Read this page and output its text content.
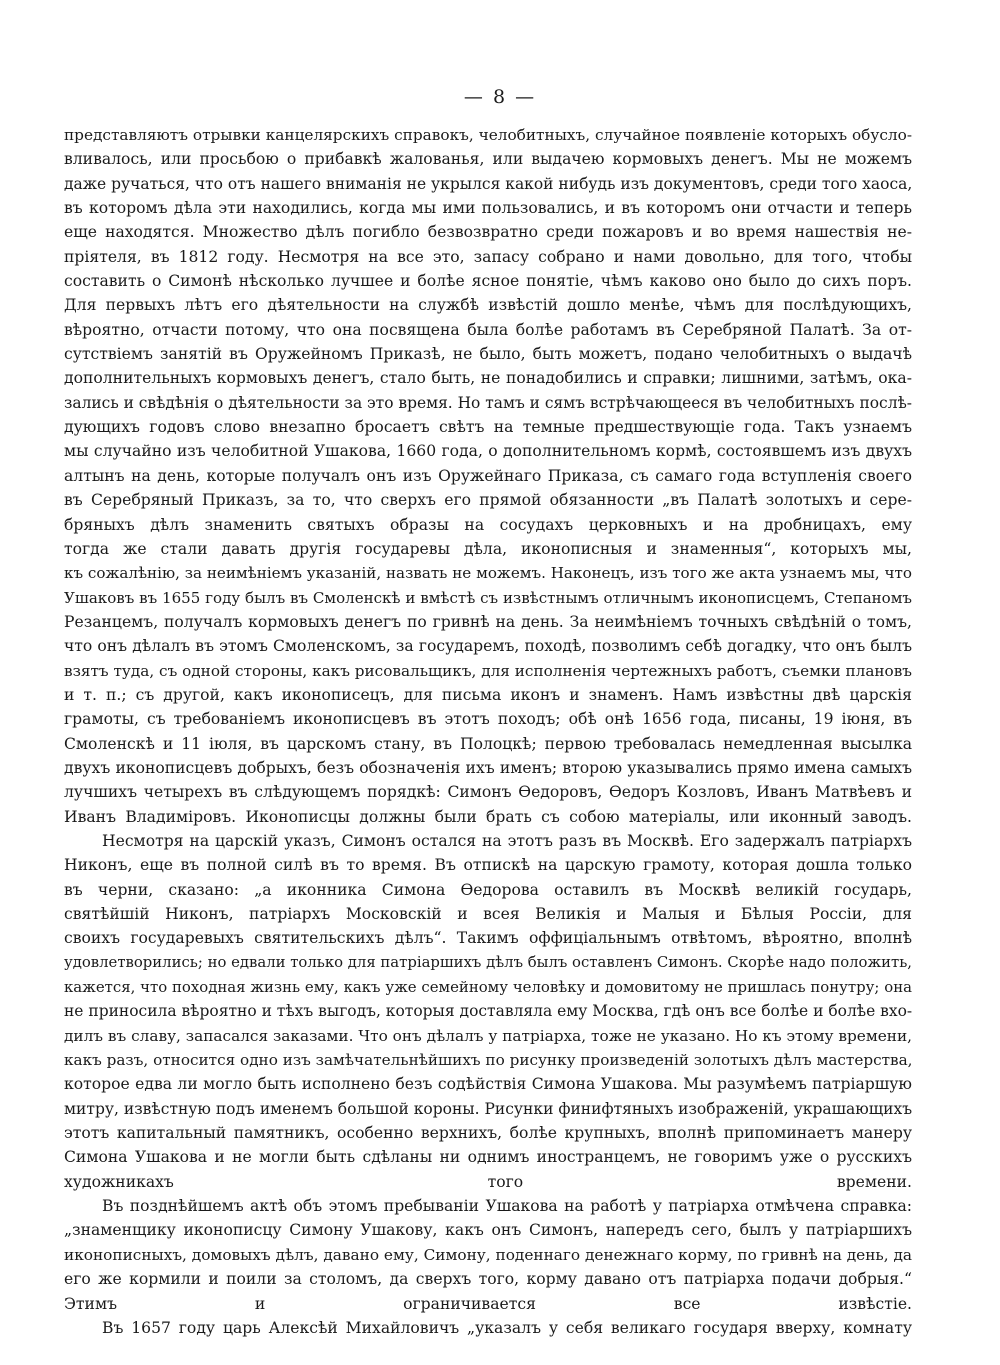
— 8 —

представляютъ отрывки канцелярскихъ справокъ, челобитныхъ, случайное появленіе которыхъ обусло-
вливалось, или просьбою о прибавкѣ жалованья, или выдачею кормовыхъ денегъ. Мы не можемъ
даже ручаться, что отъ нашего вниманія не укрылся какой нибудь изъ документовъ, среди того хаоса,
въ которомъ дѣла эти находились, когда мы ими пользовались, и въ которомъ они отчасти и теперь
еще находятся. Множество дѣлъ погибло безвозвратно среди пожаровъ и во время нашествія не-
пріятеля, въ 1812 году. Несмотря на все это, запасу собрано и нами довольно, для того, чтобы
составить о Симонѣ нѣсколько лучшее и болѣе ясное понятіе, чѣмъ каково оно было до сихъ поръ.
Для первыхъ лѣтъ его дѣятельности на службѣ извѣстій дошло менѣе, чѣмъ для послѣдующихъ,
вѣроятно, отчасти потому, что она посвящена была болѣе работамъ въ Серебряной Палатѣ. За от-
сутствіемъ занятій въ Оружейномъ Приказѣ, не было, быть можетъ, подано челобитныхъ о выдачѣ
дополнительныхъ кормовыхъ денегъ, стало быть, не понадобились и справки; лишними, затѣмъ, ока-
зались и свѣдѣнія о дѣятельности за это время. Но тамъ и сямъ встрѣчающееся въ челобитныхъ послѣ-
дующихъ годовъ слово внезапно бросаетъ свѣтъ на темные предшествующіе года. Такъ узнаемъ
мы случайно изъ челобитной Ушакова, 1660 года, о дополнительномъ кормѣ, состоявшемъ изъ двухъ
алтынъ на день, которые получалъ онъ изъ Оружейнаго Приказа, съ самаго года вступленія своего
въ Серебряный Приказъ, за то, что сверхъ его прямой обязанности „въ Палатѣ золотыхъ и сере-
бряныхъ дѣлъ знаменить святыхъ образы на сосудахъ церковныхъ и на дробницахъ, ему
тогда же стали давать другія государевы дѣла, иконописныя и знаменныя“, которыхъ мы,
къ сожалѣнію, за неимѣніемъ указаній, назвать не можемъ. Наконецъ, изъ того же акта узнаемъ мы, что
Ушаковъ въ 1655 году былъ въ Смоленскѣ и вмѣстѣ съ извѣстнымъ отличнымъ иконописцемъ, Степаномъ
Резанцемъ, получалъ кормовыхъ денегъ по гривнѣ на день. За неимѣніемъ точныхъ свѣдѣній о томъ,
что онъ дѣлалъ въ этомъ Смоленскомъ, за государемъ, походѣ, позволимъ себѣ догадку, что онъ былъ
взятъ туда, съ одной стороны, какъ рисовальщикъ, для исполненія чертежныхъ работъ, съемки плановъ
и т. п.; съ другой, какъ иконописецъ, для письма иконъ и знаменъ. Намъ извѣстны двѣ царскія
грамоты, съ требованіемъ иконописцевъ въ этотъ походъ; обѣ онѣ 1656 года, писаны, 19 іюня, въ
Смоленскѣ и 11 іюля, въ царскомъ стану, въ Полоцкѣ; первою требовалась немедленная высылка
двухъ иконописцевъ добрыхъ, безъ обозначенія ихъ именъ; второю указывались прямо имена самыхъ
лучшихъ четырехъ въ слѣдующемъ порядкѣ: Симонъ Ѳедоровъ, Ѳедоръ Козловъ, Иванъ Матвѣевъ и
Иванъ Владиміровъ. Иконописцы должны были брать съ собою матеріалы, или иконный заводъ.

Несмотря на царскій указъ, Симонъ остался на этотъ разъ въ Москвѣ. Его задержалъ патріархъ
Никонъ, еще въ полной силѣ въ то время. Въ отпискѣ на царскую грамоту, которая дошла только
въ черни, сказано: „а иконника Симона Ѳедорова оставилъ въ Москвѣ великій государь,
святѣйшій Никонъ, патріархъ Московскій и всея Великія и Малыя и Бѣлыя Россіи, для
своихъ государевыхъ святительскихъ дѣлъ“. Такимъ оффиціальнымъ отвѣтомъ, вѣроятно, вполнѣ
удовлетворились; но едвали только для патріаршихъ дѣлъ былъ оставленъ Симонъ. Скорѣе надо положить,
кажется, что походная жизнь ему, какъ уже семейному человѣку и домовитому не пришлась понутру; она
не приносила вѣроятно и тѣхъ выгодъ, которыя доставляла ему Москва, гдѣ онъ все болѣе и болѣе вхо-
дилъ въ славу, запасался заказами. Что онъ дѣлалъ у патріарха, тоже не указано. Но къ этому времени,
какъ разъ, относится одно изъ замѣчательнѣйшихъ по рисунку произведеній золотыхъ дѣлъ мастерства,
которое едва ли могло быть исполнено безъ содѣйствія Симона Ушакова. Мы разумѣемъ патріаршую
митру, извѣстную подъ именемъ большой короны. Рисунки финифтяныхъ изображеній, украшающихъ
этотъ капитальный памятникъ, особенно верхнихъ, болѣе крупныхъ, вполнѣ припоминаетъ манеру
Симона Ушакова и не могли быть сдѣланы ни однимъ иностранцемъ, не говоримъ уже о русскихъ
художникахъ того времени.

Въ позднѣйшемъ актѣ объ этомъ пребываніи Ушакова на работѣ у патріарха отмѣчена справка:
„знаменщику иконописцу Симону Ушакову, какъ онъ Симонъ, напередъ сего, былъ у патріаршихъ
иконописныхъ, домовыхъ дѣлъ, давано ему, Симону, поденнаго денежнаго корму, по гривнѣ на день, да
его же кормили и поили за столомъ, да сверхъ того, корму давано отъ патріарха подачи добрыя.“
Этимъ и ограничивается все извѣстіе.

Въ 1657 году царь Алексѣй Михайловичъ „указалъ у себя великаго государя вверху, комнату
